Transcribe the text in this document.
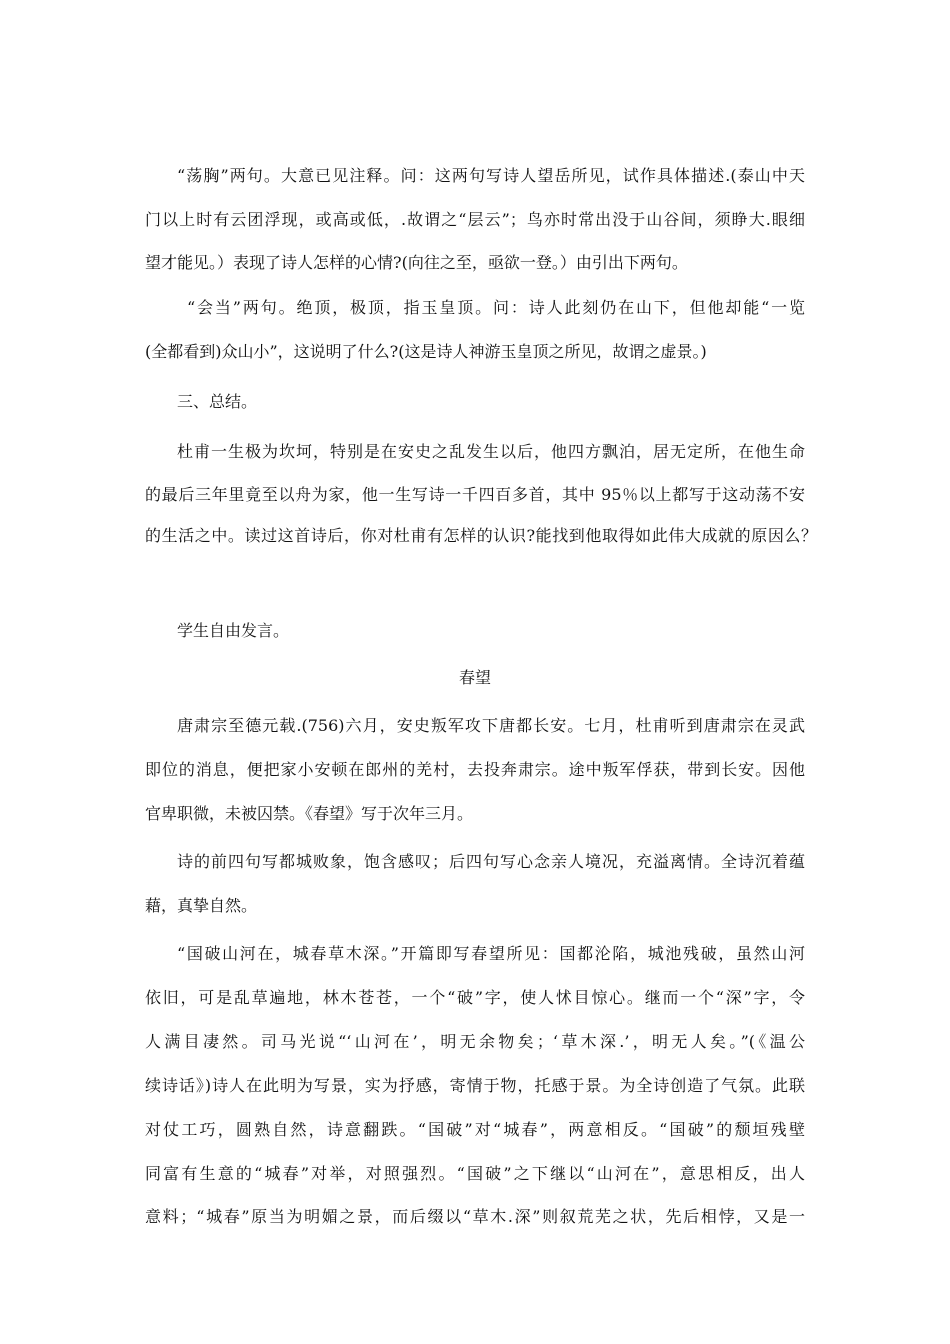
“荡胸”两句。大意已见注释。问：这两句写诗人望岳所见，试作具体描述.(泰山中天
门以上时有云团浮现，或高或低，.故谓之“层云”；鸟亦时常出没于山谷间，须睁大.眼细
望才能见。）表现了诗人怎样的心情?(向往之至，亟欲一登。）由引出下两句。
“会当”两句。绝顶，极顶，指玉皇顶。问：诗人此刻仍在山下，但他却能“一览
(全都看到)众山小”，这说明了什么?(这是诗人神游玉皇顶之所见，故谓之虚景。)
三、总结。
杜甫一生极为坎坷，特别是在安史之乱发生以后，他四方飘泊，居无定所，在他生命
的最后三年里竟至以舟为家，他一生写诗一千四百多首，其中 95％以上都写于这动荡不安
的生活之中。读过这首诗后，你对杜甫有怎样的认识?能找到他取得如此伟大成就的原因么？
学生自由发言。
春望
唐肃宗至德元载.(756)六月，安史叛军攻下唐都长安。七月，杜甫听到唐肃宗在灵武
即位的消息，便把家小安顿在郎州的羌村，去投奔肃宗。途中叛军俘获，带到长安。因他
官卑职微，未被囚禁。《春望》写于次年三月。
诗的前四句写都城败象，饱含感叹；后四句写心念亲人境况，充溢离情。全诗沉着蕴
藉，真挚自然。
“国破山河在，城春草木深。”开篇即写春望所见：国都沦陷，城池残破，虽然山河
依旧，可是乱草遍地，林木苍苍，一个“破”字，使人怵目惊心。继而一个“深”字，令
人满目凄然。司马光说“‘山河在’，明无余物矣；‘草木深.’，明无人矣。”(《温公
续诗话》)诗人在此明为写景，实为抒感，寄情于物，托感于景。为全诗创造了气氛。此联
对仗工巧，圆熟自然，诗意翻跌。“国破”对“城春”，两意相反。“国破”的颓垣残壁
同富有生意的“城春”对举，对照强烈。“国破”之下继以“山河在”，意思相反，出人
意料；“城春”原当为明媚之景，而后缀以“草木.深”则叙荒芜之状，先后相悖，又是一
